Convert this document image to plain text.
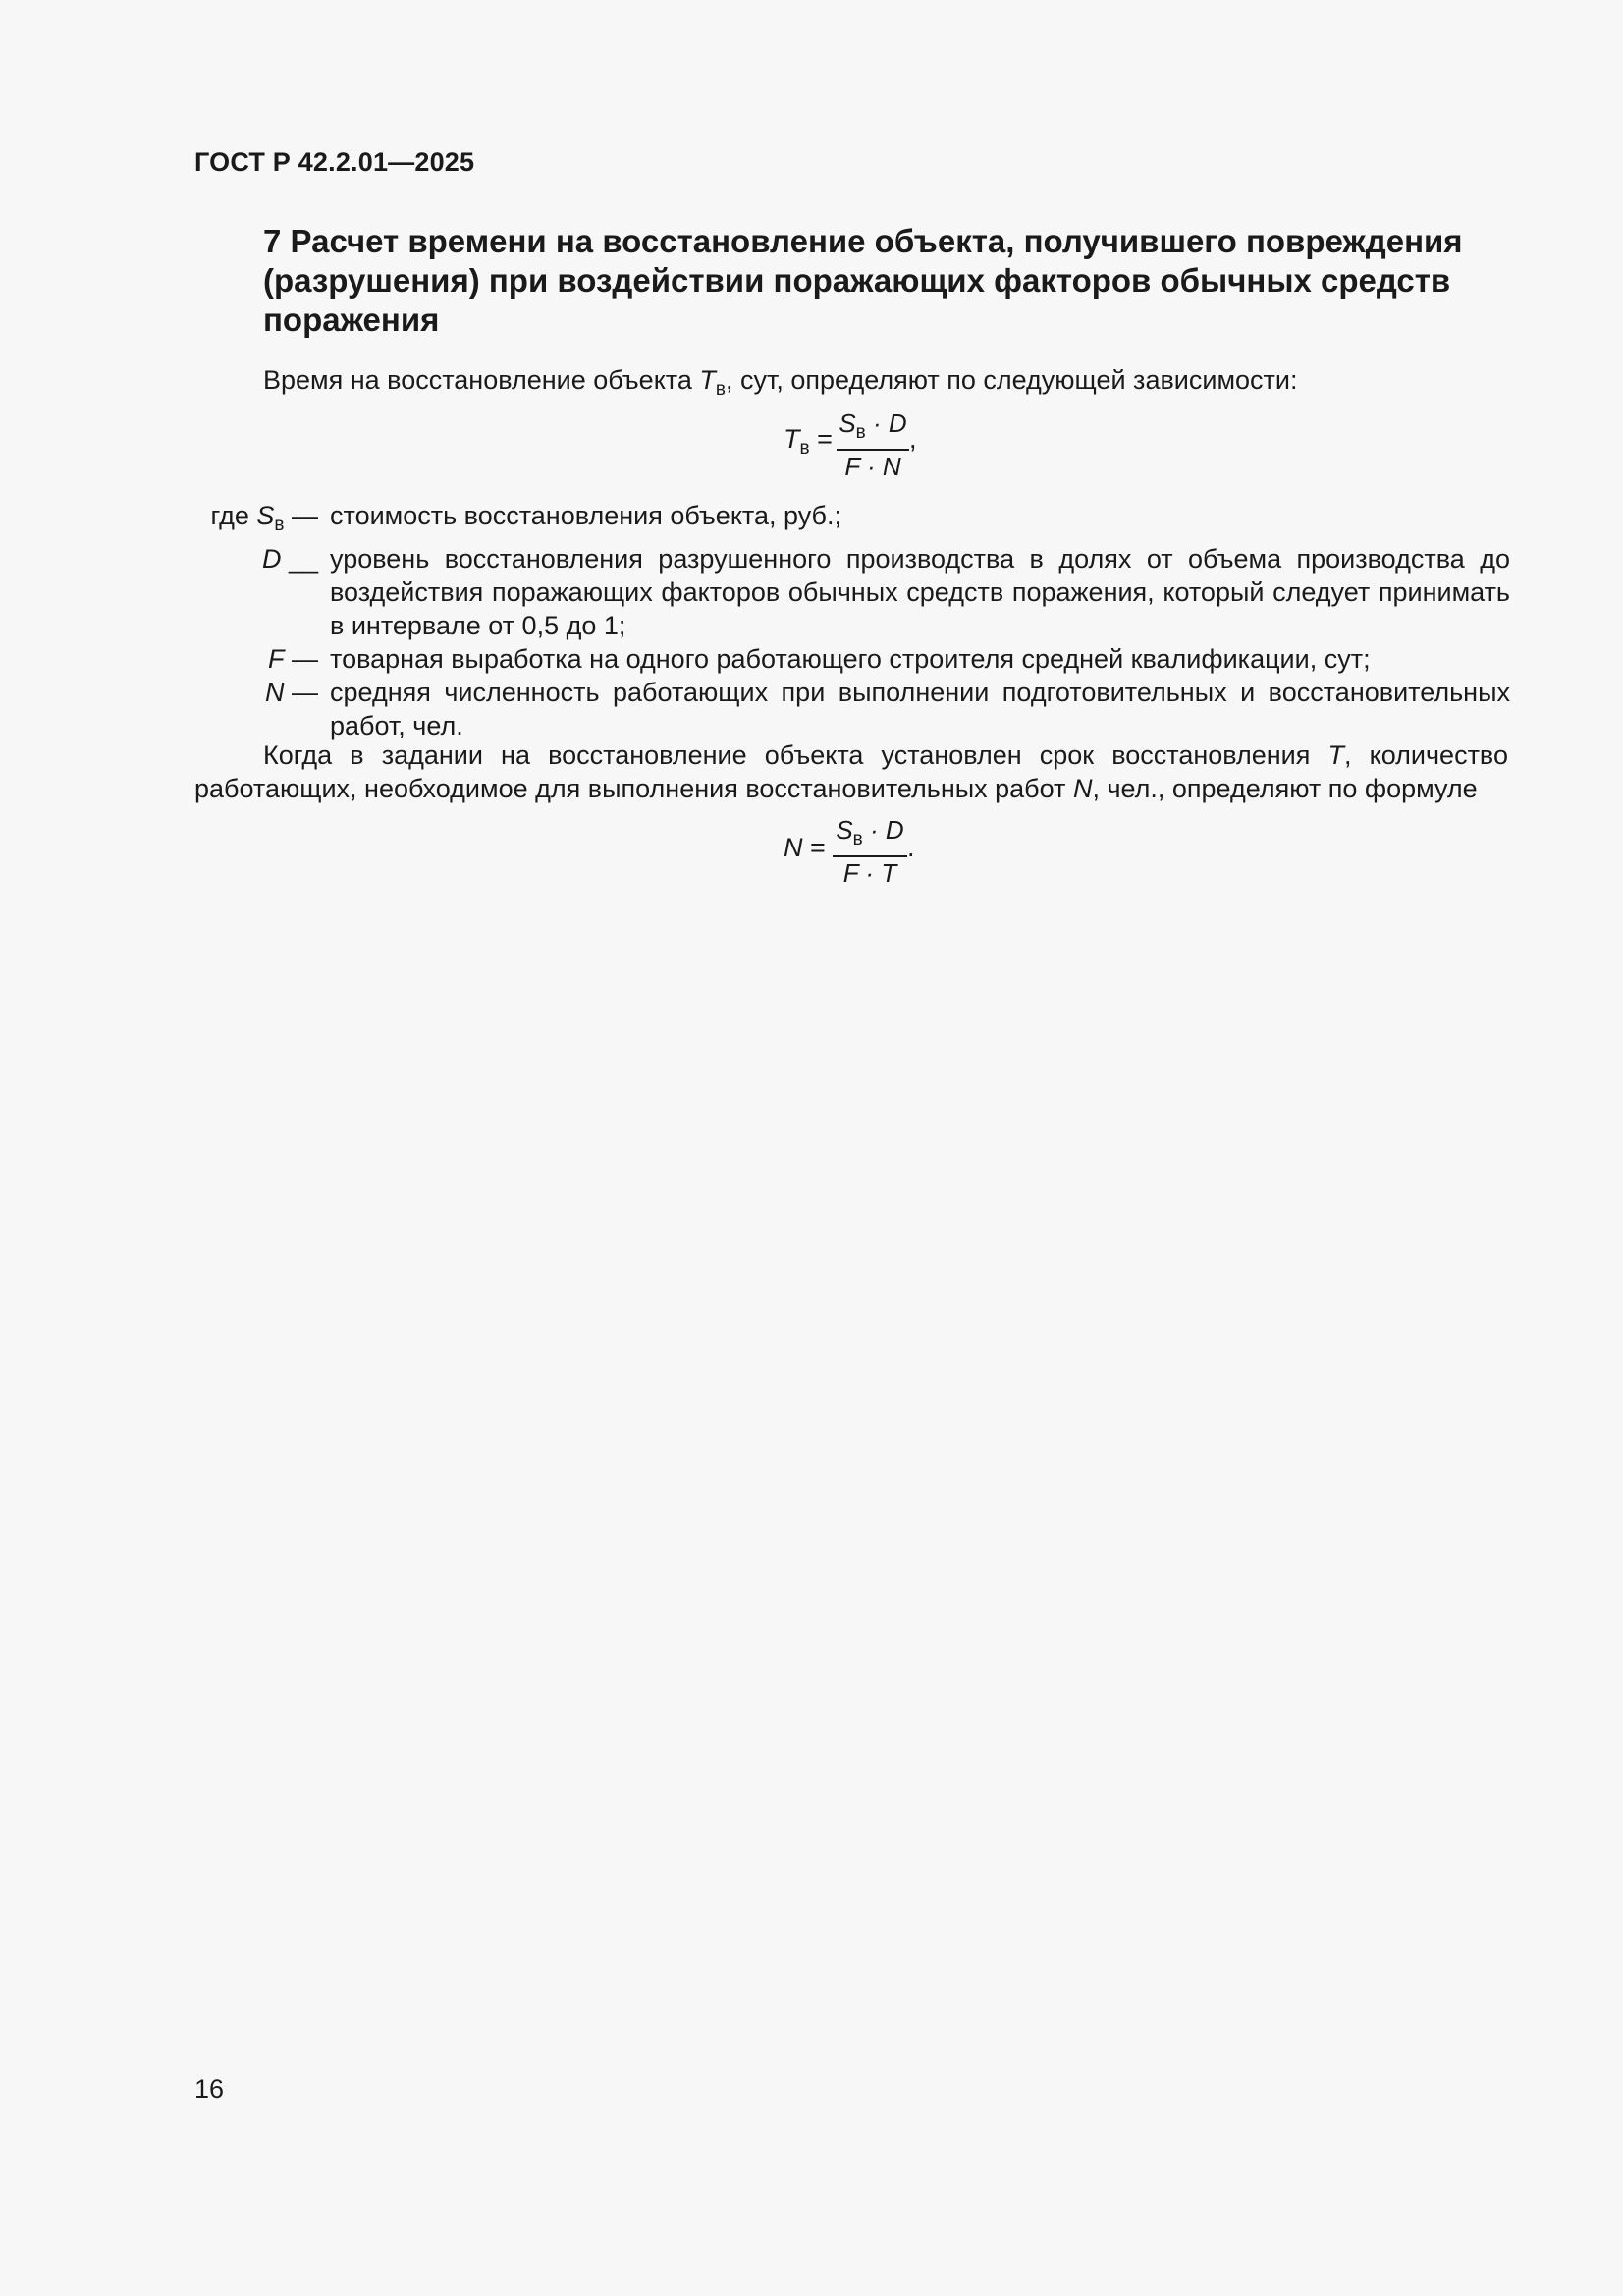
ГОСТ Р 42.2.01—2025
7 Расчет времени на восстановление объекта, получившего повреждения (разрушения) при воздействии поражающих факторов обычных средств поражения
Время на восстановление объекта $T_в$, сут, определяют по следующей зависимости:
$T_в$ =
$S_в \cdot D$
F · N
,
где $S_в$ — стоимость восстановления объекта, руб.;
D __ уровень восстановления разрушенного производства в долях от объема производства до воздействия поражающих факторов обычных средств поражения, который следует принимать в интервале от 0,5 до 1;
F — товарная выработка на одного работающего строителя средней квалификации, сут;
N — средняя численность работающих при выполнении подготовительных и восстановительных работ, чел.
Когда в задании на восстановление объекта установлен срок восстановления T, количество работающих, необходимое для выполнения восстановительных работ N, чел., определяют по формуле
N =
$S_в \cdot D$
F · T
.
16
